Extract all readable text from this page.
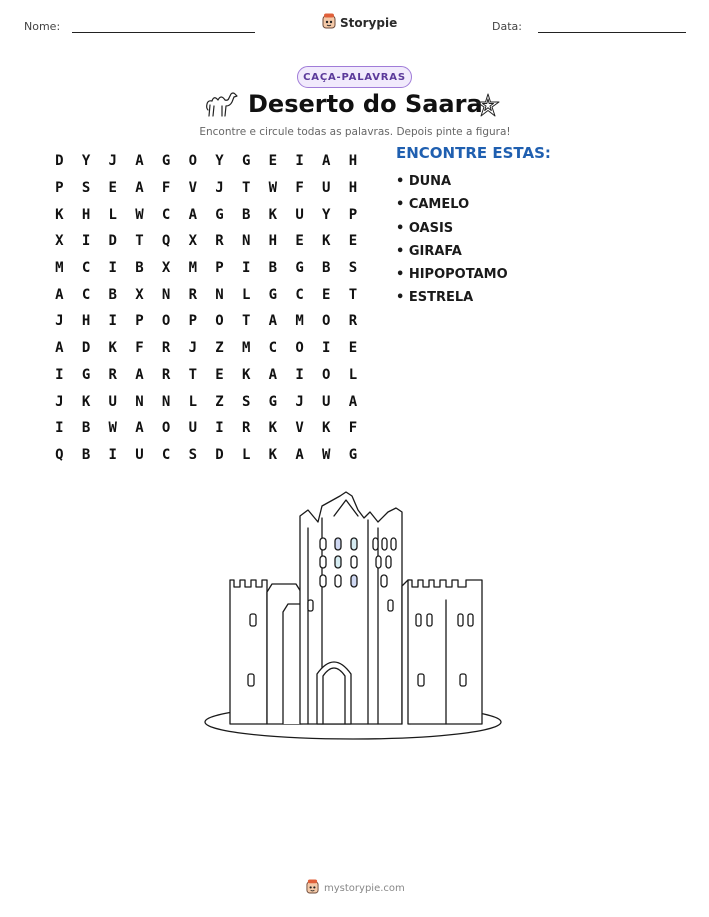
Nome:	Storypie	Data:
CAÇA-PALAVRAS
Deserto do Saara
Encontre e circule todas as palavras. Depois pinte a figura!
D	Y	J	A	G	O	Y	G	E	I	A	H
P	S	E	A	F	V	J	T	W	F	U	H
K	H	L	W	C	A	G	B	K	U	Y	P
X	I	D	T	Q	X	R	N	H	E	K	E
M	C	I	B	X	M	P	I	B	G	B	S
A	C	B	X	N	R	N	L	G	C	E	T
J	H	I	P	O	P	O	T	A	M	O	R
A	D	K	F	R	J	Z	M	C	O	I	E
I	G	R	A	R	T	E	K	A	I	O	L
J	K	U	N	N	L	Z	S	G	J	U	A
I	B	W	A	O	U	I	R	K	V	K	F
Q	B	I	U	C	S	D	L	K	A	W	G
ENCONTRE ESTAS:
• DUNA
• CAMELO
• OASIS
• GIRAFA
• HIPOPOTAMO
• ESTRELA
mystorypie.com
